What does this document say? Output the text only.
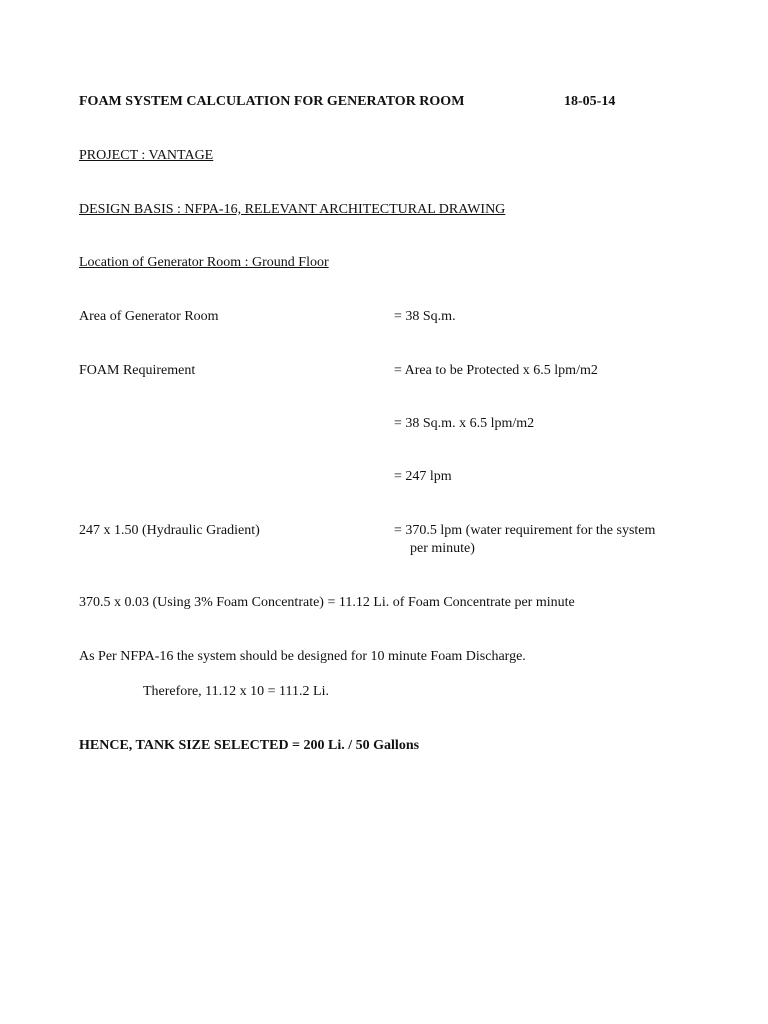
FOAM SYSTEM CALCULATION FOR GENERATOR ROOM	18-05-14
PROJECT : VANTAGE
DESIGN BASIS : NFPA-16, RELEVANT ARCHITECTURAL DRAWING
Location of Generator Room : Ground Floor
Area of Generator Room	= 38 Sq.m.
FOAM Requirement	= Area to be Protected x 6.5 lpm/m2
= 38 Sq.m. x 6.5 lpm/m2
= 247 lpm
247 x 1.50 (Hydraulic Gradient)	= 370.5 lpm (water requirement for the system
per minute)
370.5 x 0.03 (Using 3% Foam Concentrate) = 11.12 Li. of Foam Concentrate per minute
As Per NFPA-16 the system should be designed for 10 minute Foam Discharge.
Therefore, 11.12 x 10 = 111.2 Li.
HENCE, TANK SIZE SELECTED = 200 Li. / 50 Gallons
